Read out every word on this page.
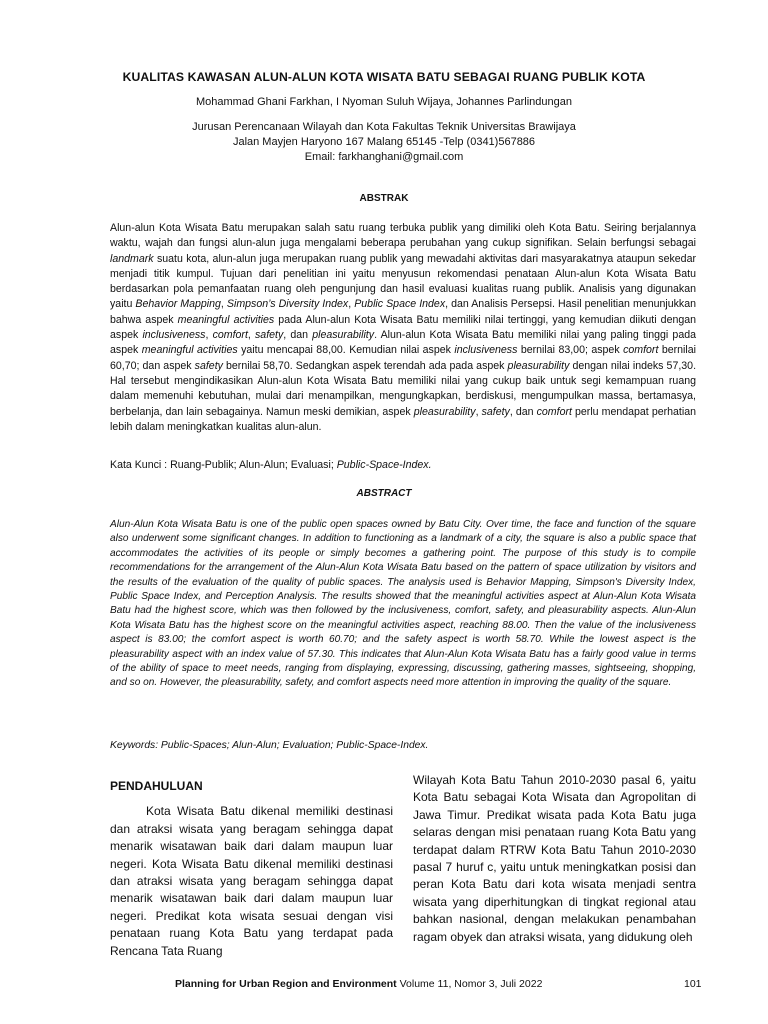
KUALITAS KAWASAN ALUN-ALUN KOTA WISATA BATU SEBAGAI RUANG PUBLIK KOTA
Mohammad Ghani Farkhan, I Nyoman Suluh Wijaya, Johannes Parlindungan
Jurusan Perencanaan Wilayah dan Kota Fakultas Teknik Universitas Brawijaya
Jalan Mayjen Haryono 167 Malang 65145 -Telp (0341)567886
Email: farkhanghani@gmail.com
ABSTRAK

Alun-alun Kota Wisata Batu merupakan salah satu ruang terbuka publik yang dimiliki oleh Kota Batu. Seiring berjalannya waktu, wajah dan fungsi alun-alun juga mengalami beberapa perubahan yang cukup signifikan. Selain berfungsi sebagai landmark suatu kota, alun-alun juga merupakan ruang publik yang mewadahi aktivitas dari masyarakatnya ataupun sekedar menjadi titik kumpul. Tujuan dari penelitian ini yaitu menyusun rekomendasi penataan Alun-alun Kota Wisata Batu berdasarkan pola pemanfaatan ruang oleh pengunjung dan hasil evaluasi kualitas ruang publik. Analisis yang digunakan yaitu Behavior Mapping, Simpson’s Diversity Index, Public Space Index, dan Analisis Persepsi. Hasil penelitian menunjukkan bahwa aspek meaningful activities pada Alun-alun Kota Wisata Batu memiliki nilai tertinggi, yang kemudian diikuti dengan aspek inclusiveness, comfort, safety, dan pleasurability. Alun-alun Kota Wisata Batu memiliki nilai yang paling tinggi pada aspek meaningful activities yaitu mencapai 88,00. Kemudian nilai aspek inclusiveness bernilai 83,00; aspek comfort bernilai 60,70; dan aspek safety bernilai 58,70. Sedangkan aspek terendah ada pada aspek pleasurability dengan nilai indeks 57,30. Hal tersebut mengindikasikan Alun-alun Kota Wisata Batu memiliki nilai yang cukup baik untuk segi kemampuan ruang dalam memenuhi kebutuhan, mulai dari menampilkan, mengungkapkan, berdiskusi, mengumpulkan massa, bertamasya, berbelanja, dan lain sebagainya. Namun meski demikian, aspek pleasurability, safety, dan comfort perlu mendapat perhatian lebih dalam meningkatkan kualitas alun-alun.

Kata Kunci : Ruang-Publik; Alun-Alun; Evaluasi; Public-Space-Index.
ABSTRACT

Alun-Alun Kota Wisata Batu is one of the public open spaces owned by Batu City. Over time, the face and function of the square also underwent some significant changes. In addition to functioning as a landmark of a city, the square is also a public space that accommodates the activities of its people or simply becomes a gathering point. The purpose of this study is to compile recommendations for the arrangement of the Alun-Alun Kota Wisata Batu based on the pattern of space utilization by visitors and the results of the evaluation of the quality of public spaces. The analysis used is Behavior Mapping, Simpson's Diversity Index, Public Space Index, and Perception Analysis. The results showed that the meaningful activities aspect at Alun-Alun Kota Wisata Batu had the highest score, which was then followed by the inclusiveness, comfort, safety, and pleasurability aspects. Alun-Alun Kota Wisata Batu has the highest score on the meaningful activities aspect, reaching 88.00. Then the value of the inclusiveness aspect is 83.00; the comfort aspect is worth 60.70; and the safety aspect is worth 58.70. While the lowest aspect is the pleasurability aspect with an index value of 57.30. This indicates that Alun-Alun Kota Wisata Batu has a fairly good value in terms of the ability of space to meet needs, ranging from displaying, expressing, discussing, gathering masses, sightseeing, shopping, and so on. However, the pleasurability, safety, and comfort aspects need more attention in improving the quality of the square.

Keywords: Public-Spaces; Alun-Alun; Evaluation; Public-Space-Index.
PENDAHULUAN

Kota Wisata Batu dikenal memiliki destinasi dan atraksi wisata yang beragam sehingga dapat menarik wisatawan baik dari dalam maupun luar negeri. Kota Wisata Batu dikenal memiliki destinasi dan atraksi wisata yang beragam sehingga dapat menarik wisatawan baik dari dalam maupun luar negeri. Predikat kota wisata sesuai dengan visi penataan ruang Kota Batu yang terdapat pada Rencana Tata Ruang

Wilayah Kota Batu Tahun 2010-2030 pasal 6, yaitu Kota Batu sebagai Kota Wisata dan Agropolitan di Jawa Timur. Predikat wisata pada Kota Batu juga selaras dengan misi penataan ruang Kota Batu yang terdapat dalam RTRW Kota Batu Tahun 2010-2030 pasal 7 huruf c, yaitu untuk meningkatkan posisi dan peran Kota Batu dari kota wisata menjadi sentra wisata yang diperhitungkan di tingkat regional atau bahkan nasional, dengan melakukan penambahan ragam obyek dan atraksi wisata, yang didukung oleh

Planning for Urban Region and Environment Volume 11, Nomor 3, Juli 2022	101
